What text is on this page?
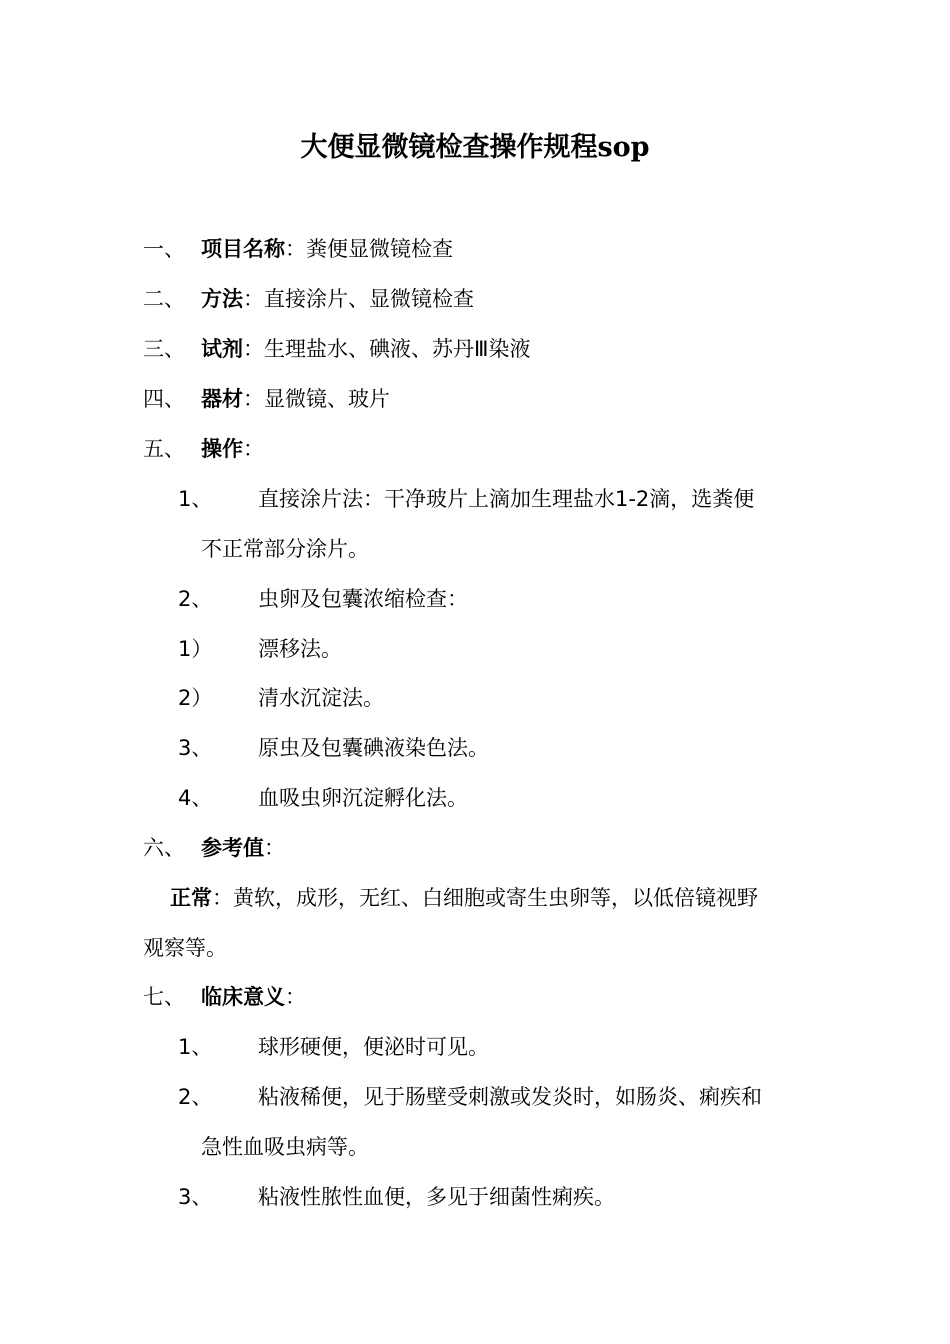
大便显微镜检查操作规程sop
一、 项目名称：粪便显微镜检查
二、 方法：直接涂片、显微镜检查
三、 试剂：生理盐水、碘液、苏丹Ⅲ染液
四、 器材：显微镜、玻片
五、 操作：
1、 直接涂片法：干净玻片上滴加生理盐水1-2滴，选粪便
不正常部分涂片。
2、 虫卵及包囊浓缩检查：
1） 漂移法。
2） 清水沉淀法。
3、 原虫及包囊碘液染色法。
4、 血吸虫卵沉淀孵化法。
六、 参考值：
正常：黄软，成形，无红、白细胞或寄生虫卵等，以低倍镜视野
观察等。
七、 临床意义：
1、 球形硬便，便泌时可见。
2、 粘液稀便，见于肠壁受刺激或发炎时，如肠炎、痢疾和
急性血吸虫病等。
3、 粘液性脓性血便，多见于细菌性痢疾。
